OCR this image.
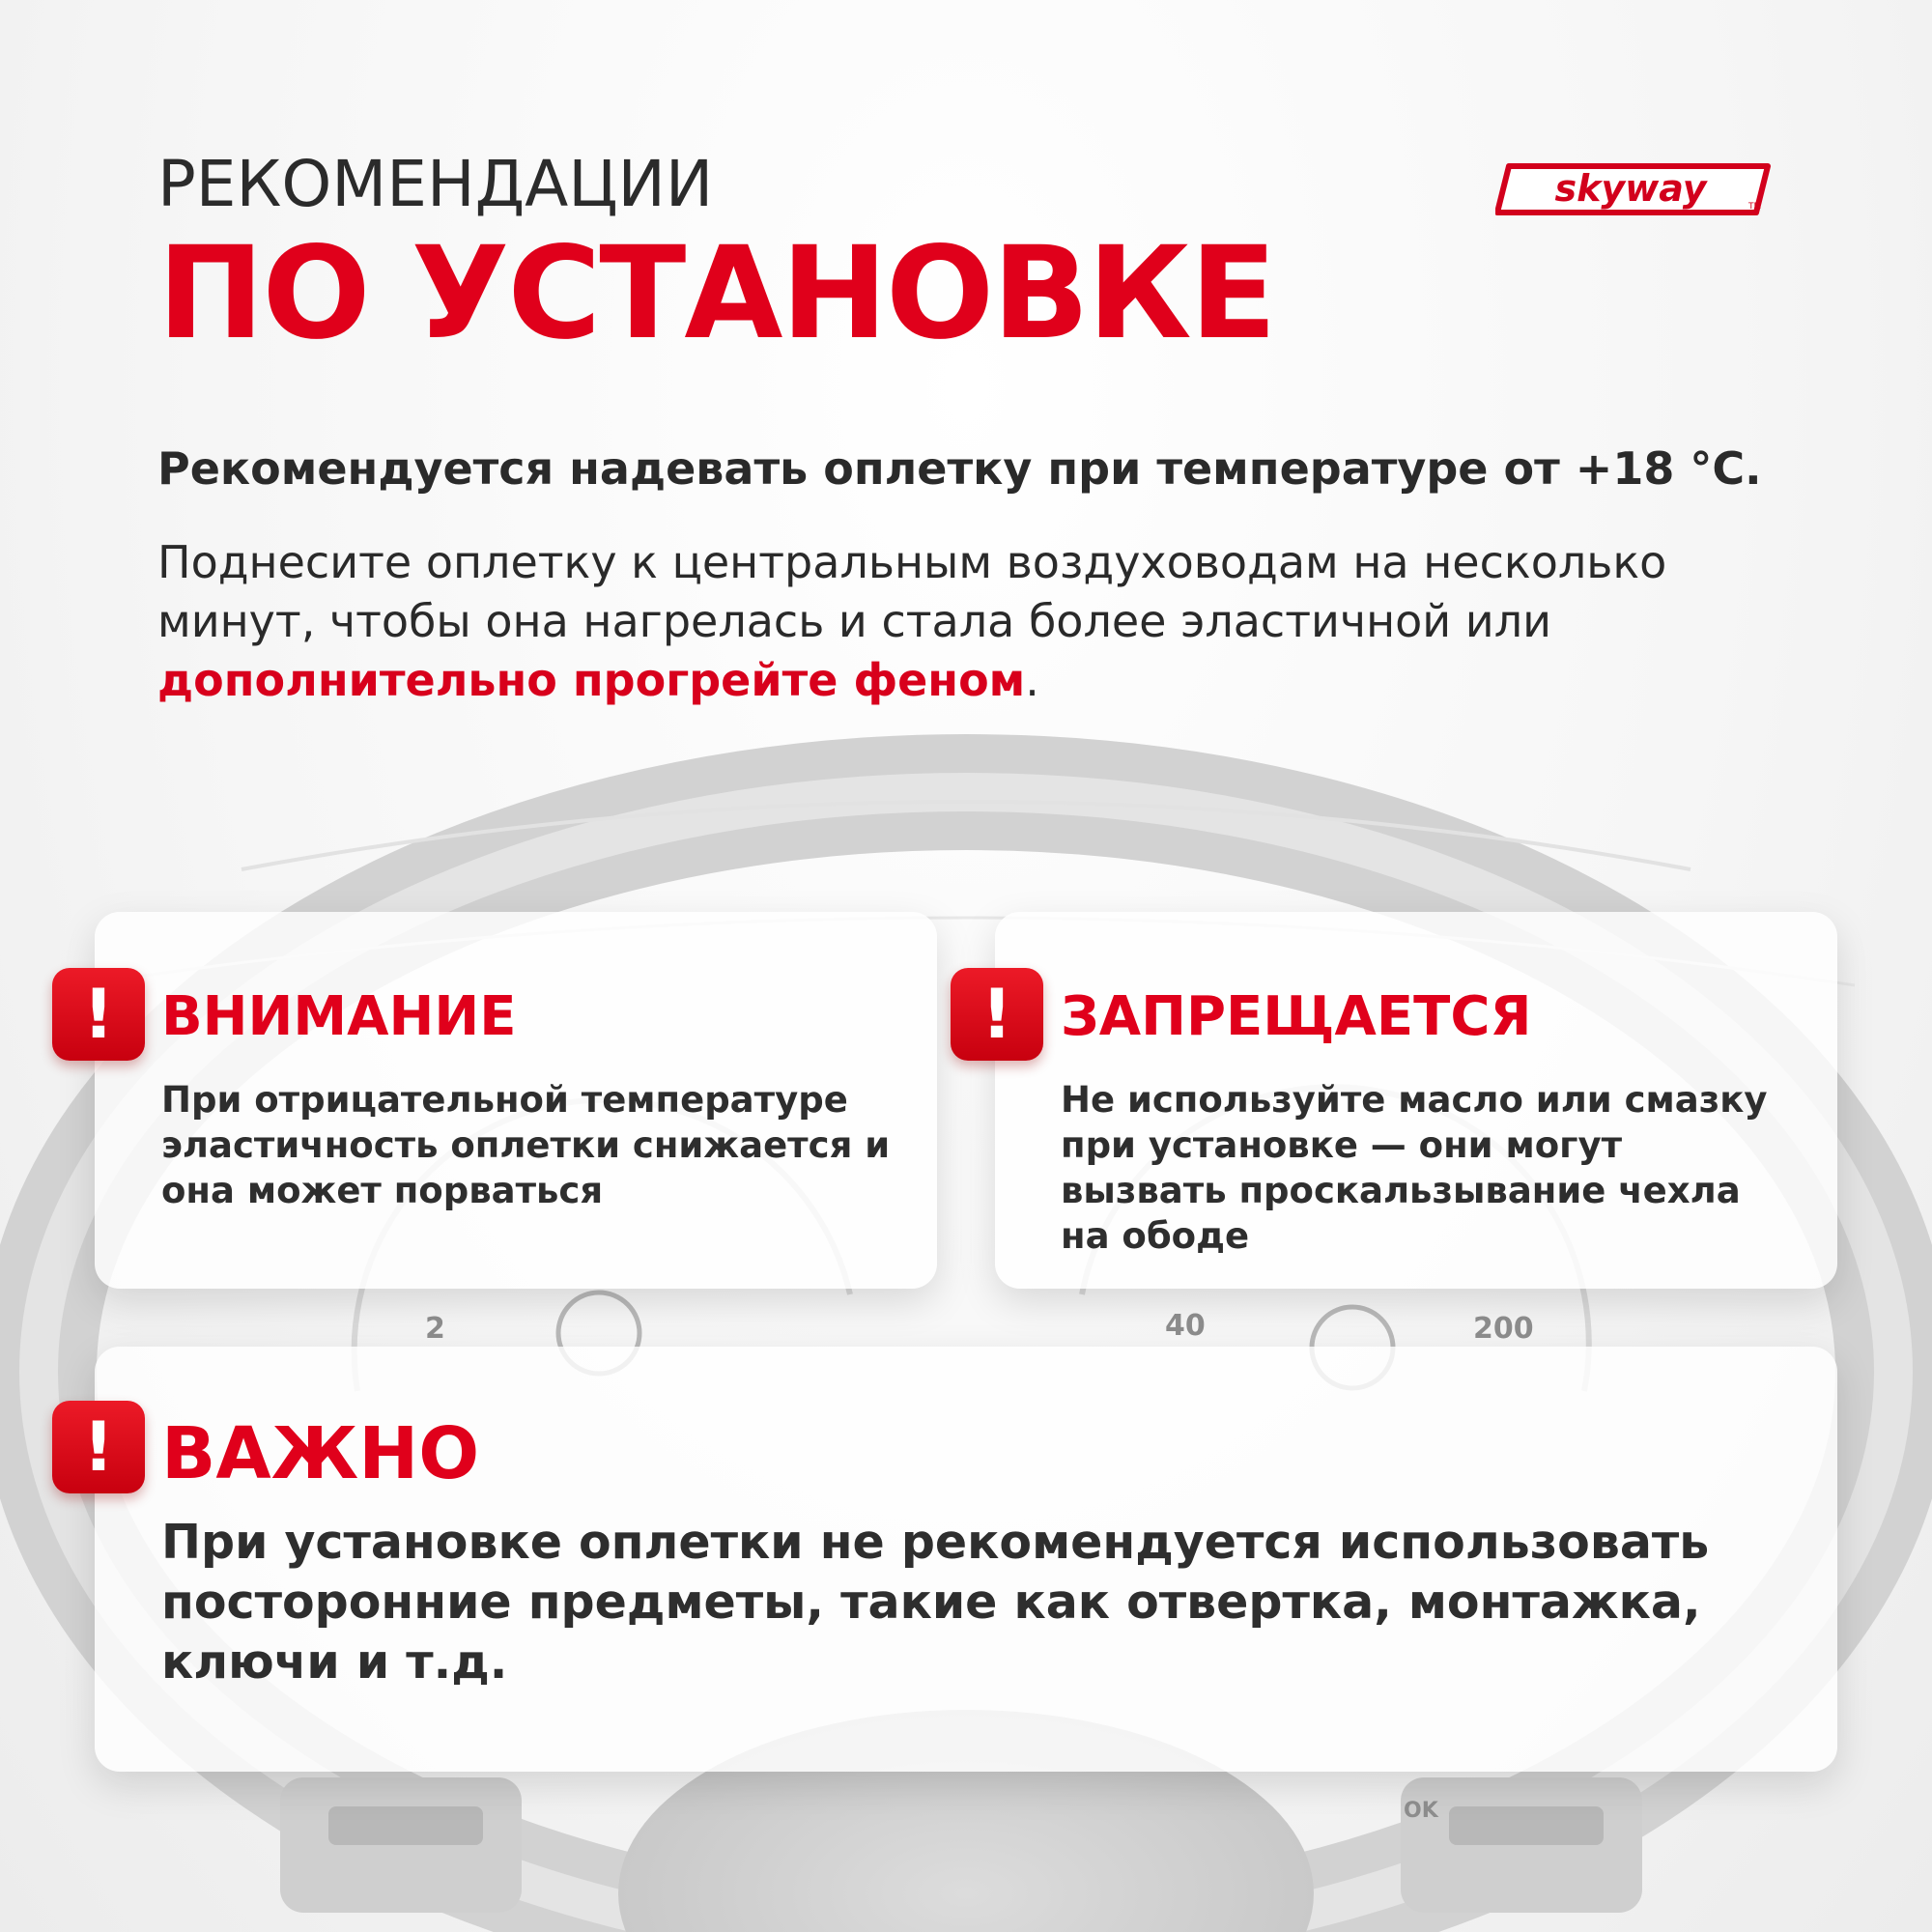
2	40	200
OK
РЕКОМЕНДАЦИИ
ПО УСТАНОВКЕ
skyway	TM
Рекомендуется надевать оплетку при температуре от +18 °С.
Поднесите оплетку к центральным воздуховодам на несколько минут, чтобы она нагрелась и стала более эластичной или дополнительно прогрейте феном.
! ВНИМАНИЕ
При отрицательной температуре эластичность оплетки снижается и она может порваться
! ЗАПРЕЩАЕТСЯ
Не используйте масло или смазку при установке — они могут вызвать проскальзывание чехла на ободе
! ВАЖНО
При установке оплетки не рекомендуется использовать посторонние предметы, такие как отвертка, монтажка, ключи и т.д.
